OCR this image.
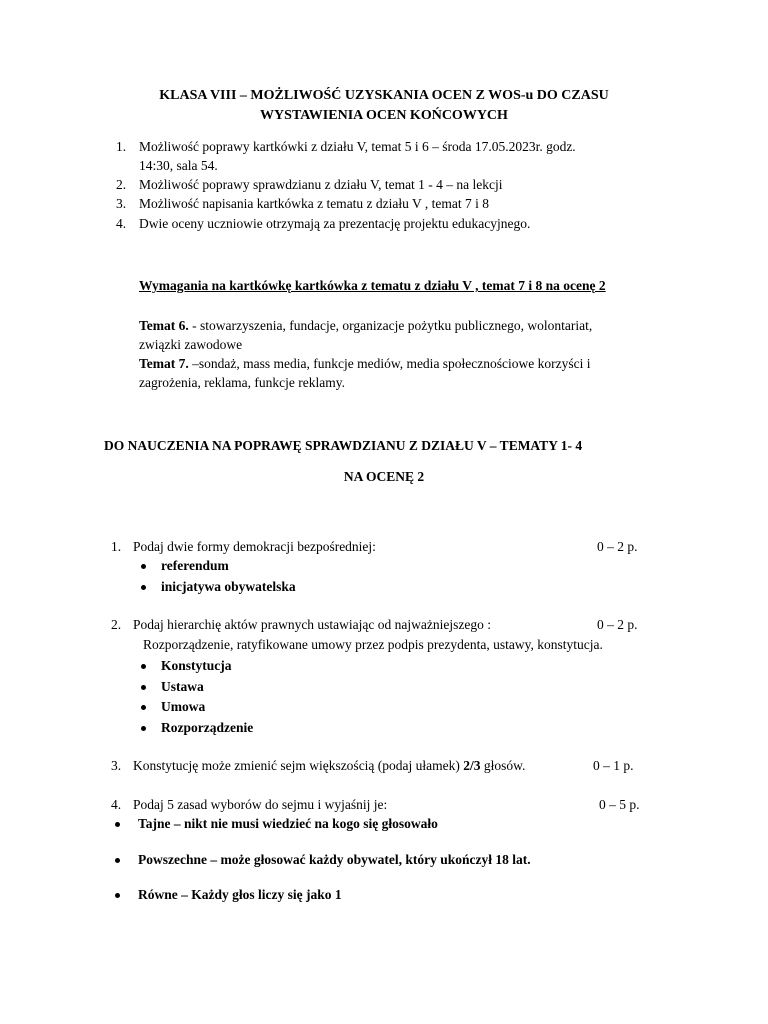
KLASA VIII – MOŻLIWOŚĆ UZYSKANIA OCEN Z WOS-u DO CZASU
WYSTAWIENIA OCEN KOŃCOWYCH
1. Możliwość poprawy kartkówki z działu V, temat 5 i 6 – środa 17.05.2023r. godz.
14:30, sala 54.
2. Możliwość poprawy sprawdzianu z działu V, temat 1 - 4 – na lekcji
3. Możliwość napisania kartkówka z tematu z działu V , temat 7 i 8
4. Dwie oceny uczniowie otrzymają za prezentację projektu edukacyjnego.
Wymagania na kartkówkę kartkówka z tematu z działu V , temat 7 i 8 na ocenę 2
Temat 6. - stowarzyszenia, fundacje, organizacje pożytku publicznego, wolontariat,
związki zawodowe
Temat 7. –sondaż, mass media, funkcje mediów, media społecznościowe korzyści i
zagrożenia, reklama, funkcje reklamy.
DO NAUCZENIA NA POPRAWĘ SPRAWDZIANU Z DZIAŁU V – TEMATY 1- 4
NA OCENĘ 2
1. Podaj dwie formy demokracji bezpośredniej:	0 – 2 p.
referendum
inicjatywa obywatelska
2. Podaj hierarchię aktów prawnych ustawiając od najważniejszego :	0 – 2 p.
Rozporządzenie, ratyfikowane umowy przez podpis prezydenta, ustawy, konstytucja.
Konstytucja
Ustawa
Umowa
Rozporządzenie
3. Konstytucję może zmienić sejm większością (podaj ułamek) 2/3 głosów.	0 – 1 p.
4. Podaj 5 zasad wyborów do sejmu i wyjaśnij je:	0 – 5 p.
Tajne – nikt nie musi wiedzieć na kogo się głosowało
Powszechne – może głosować każdy obywatel, który ukończył 18 lat.
Równe – Każdy głos liczy się jako 1
